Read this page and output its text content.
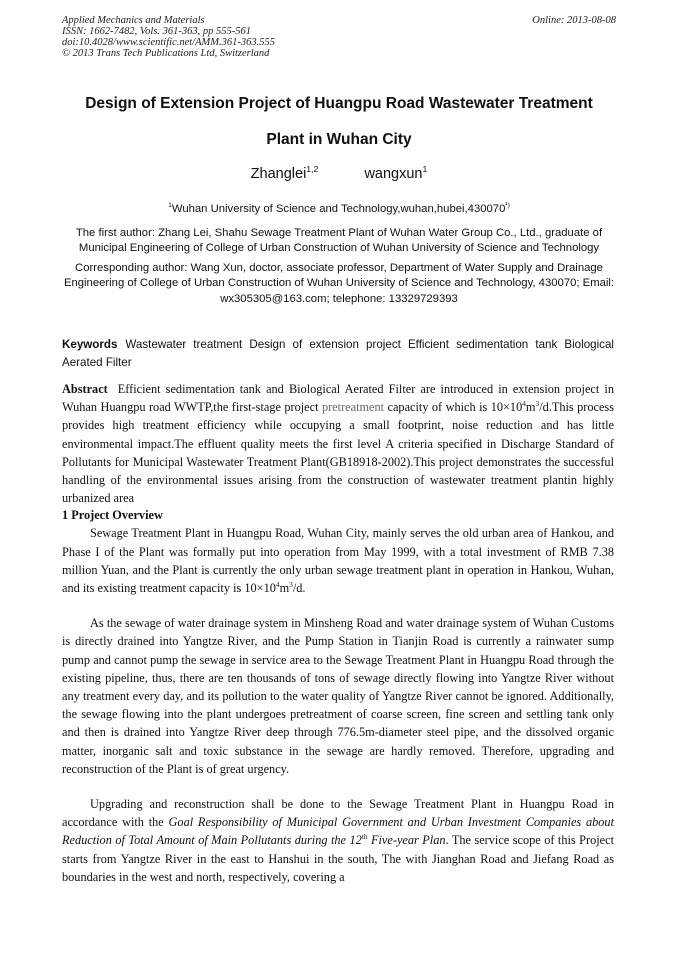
Applied Mechanics and Materials
ISSN: 1662-7482, Vols. 361-363, pp 555-561
doi:10.4028/www.scientific.net/AMM.361-363.555
© 2013 Trans Tech Publications Ltd, Switzerland
Online: 2013-08-08
Design of Extension Project of Huangpu Road Wastewater Treatment
Plant in Wuhan City
Zhanglei$^{1,2}$	wangxun$^1$

$^1$Wuhan University of Science and $Technology,wuhan,hubei,430070^{^1)}$

The first author: Zhang Lei, Shahu Sewage Treatment Plant of Wuhan Water Group Co., Ltd., graduate of Municipal Engineering of College of Urban Construction of Wuhan University of Science and Technology

Corresponding author: Wang Xun, doctor, associate professor, Department of Water Supply and Drainage Engineering of College of Urban Construction of Wuhan University of Science and Technology, 430070; Email: wx305305@163.com; telephone: 13329729393

Keywords Wastewater treatment Design of extension project Efficient sedimentation tank Biological Aerated Filter

Abstract Efficient sedimentation tank and Biological Aerated Filter are introduced in extension project in Wuhan Huangpu road WWTP,the first-stage project pretreatment capacity of which is $10\times 10^4m^3/d.This$ process provides high treatment efficiency while occupying a small footprint, noise reduction and has little environmental impact.The effluent quality meets the first level A criteria specified in Discharge Standard of Pollutants for Municipal Wastewater Treatment Plant(GB18918-2002).This project demonstrates the successful handling of the environmental issues arising from the construction of wastewater treatment plantin highly urbanized area

1 Project Overview

Sewage Treatment Plant in Huangpu Road, Wuhan City, mainly serves the old urban area of Hankou, and Phase I of the Plant was formally put into operation from May 1999, with a total investment of RMB 7.38 million Yuan, and the Plant is currently the only urban sewage treatment plant in operation in Hankou, Wuhan, and its existing treatment capacity is $10\times 10^4m^3/d$.

As the sewage of water drainage system in Minsheng Road and water drainage system of Wuhan Customs is directly drained into Yangtze River, and the Pump Station in Tianjin Road is currently a rainwater sump pump and cannot pump the sewage in service area to the Sewage Treatment Plant in Huangpu Road through the existing pipeline, thus, there are ten thousands of tons of sewage directly flowing into Yangtze River without any treatment every day, and its pollution to the water quality of Yangtze River cannot be ignored. Additionally, the sewage flowing into the plant undergoes pretreatment of coarse screen, fine screen and settling tank only and then is drained into Yangtze River deep through 776.5m-diameter steel pipe, and the dissolved organic matter, inorganic salt and toxic substance in the sewage are hardly removed. Therefore, upgrading and reconstruction of the Plant is of great urgency.

Upgrading and reconstruction shall be done to the Sewage Treatment Plant in Huangpu Road in accordance with the Goal Responsibility of Municipal Government and Urban Investment Companies about Reduction of Total Amount of Main Pollutants during the 12th Five-year Plan. The service scope of this Project starts from Yangtze River in the east to Hanshui in the south, The with Jianghan Road and Jiefang Road as boundaries in the west and north, respectively, covering a
